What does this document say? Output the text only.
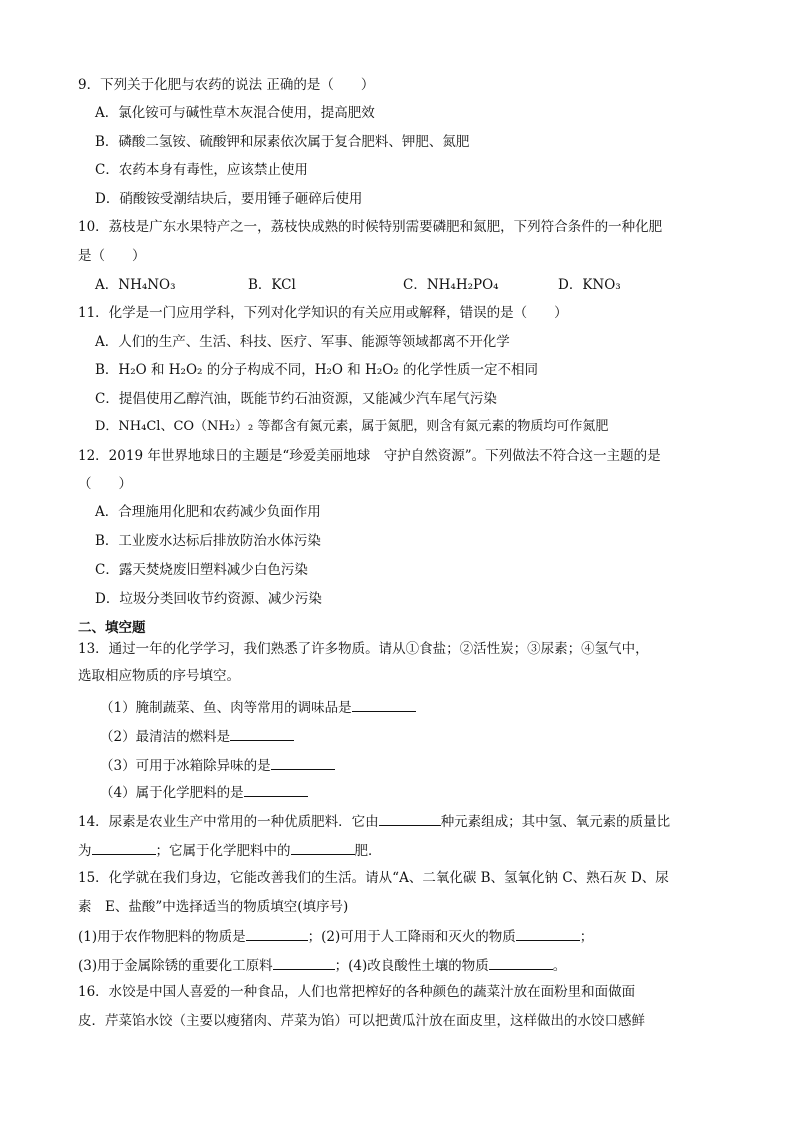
9．下列关于化肥与农药的说法 正确的是（　　）
A．氯化铵可与碱性草木灰混合使用，提高肥效
B．磷酸二氢铵、硫酸钾和尿素依次属于复合肥料、钾肥、氮肥
C．农药本身有毒性，应该禁止使用
D．硝酸铵受潮结块后，要用锤子砸碎后使用
10．荔枝是广东水果特产之一，荔枝快成熟的时候特别需要磷肥和氮肥，下列符合条件的一种化肥
是（　　）
A．NH₄NO₃	B．KCl	C．NH₄H₂PO₄	D．KNO₃
11．化学是一门应用学科，下列对化学知识的有关应用或解释，错误的是（　　）
A．人们的生产、生活、科技、医疗、军事、能源等领域都离不开化学
B．H₂O 和 H₂O₂ 的分子构成不同，H₂O 和 H₂O₂ 的化学性质一定不相同
C．提倡使用乙醇汽油，既能节约石油资源，又能减少汽车尾气污染
D．NH₄Cl、CO（NH₂）₂ 等都含有氮元素，属于氮肥，则含有氮元素的物质均可作氮肥
12．2019 年世界地球日的主题是“珍爱美丽地球　守护自然资源”。下列做法不符合这一主题的是
（　　）
A．合理施用化肥和农药减少负面作用
B．工业废水达标后排放防治水体污染
C．露天焚烧废旧塑料减少白色污染
D．垃圾分类回收节约资源、减少污染
二、填空题
13．通过一年的化学学习，我们熟悉了许多物质。请从①食盐；②活性炭；③尿素；④氢气中，
选取相应物质的序号填空。
（1）腌制蔬菜、鱼、肉等常用的调味品是
（2）最清洁的燃料是
（3）可用于冰箱除异味的是
（4）属于化学肥料的是
14．尿素是农业生产中常用的一种优质肥料．它由	种元素组成；其中氢、氧元素的质量比
为	；它属于化学肥料中的	肥．
15．化学就在我们身边，它能改善我们的生活。请从“A、二氧化碳 B、氢氧化钠 C、熟石灰 D、尿
素　E、盐酸”中选择适当的物质填空(填序号)
(1)用于农作物肥料的物质是	；(2)可用于人工降雨和灭火的物质	；
(3)用于金属除锈的重要化工原料	；(4)改良酸性土壤的物质	。
16．水饺是中国人喜爱的一种食品，人们也常把榨好的各种颜色的蔬菜汁放在面粉里和面做面
皮．芹菜馅水饺（主要以瘦猪肉、芹菜为馅）可以把黄瓜汁放在面皮里，这样做出的水饺口感鲜
